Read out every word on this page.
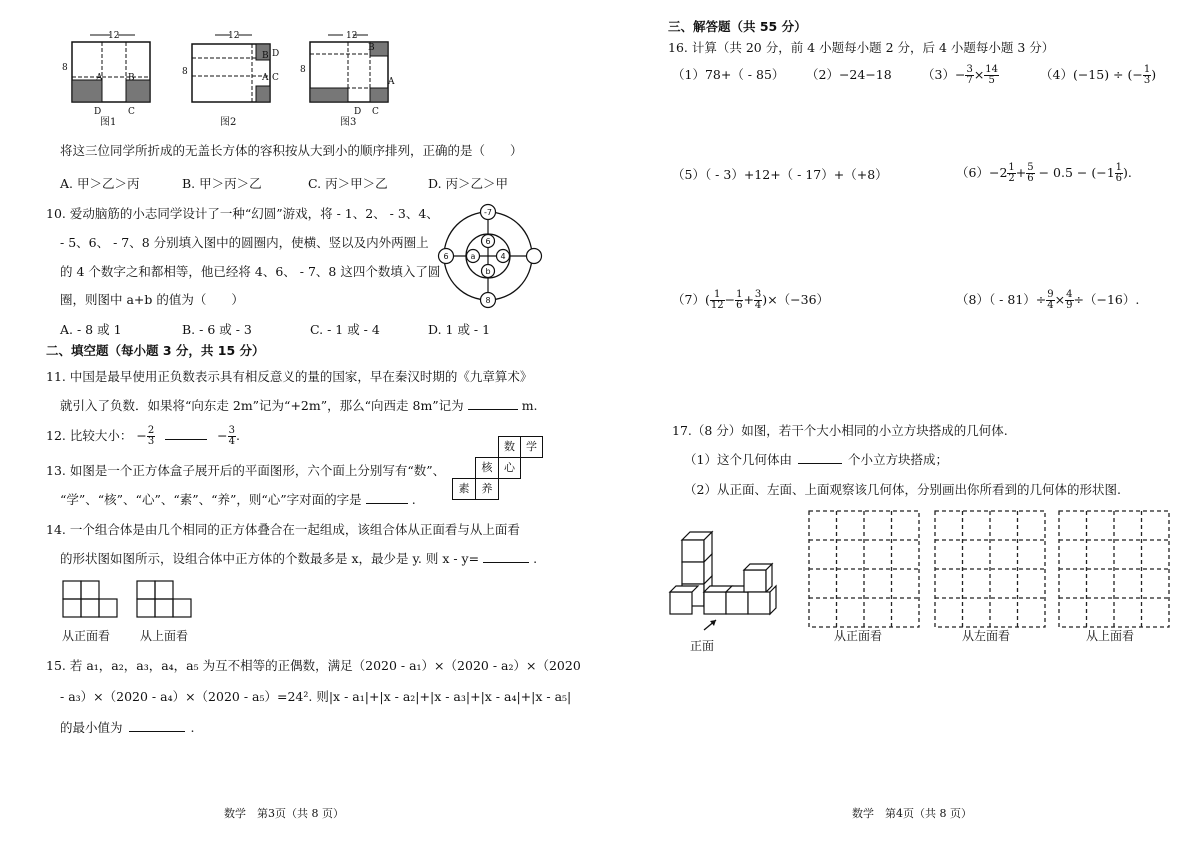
12
8
A	B
D	C
图1
12
8
B D
C
A
图2
12
8
B
A
D C
图3
将这三位同学所折成的无盖长方体的容积按从大到小的顺序排列，正确的是（　　）
A. 甲＞乙＞丙	B. 甲＞丙＞乙	C. 丙＞甲＞乙	D. 丙＞乙＞甲
10. 爱动脑筋的小志同学设计了一种“幻圆”游戏，将 - 1、2、 - 3、4、
- 5、6、 - 7、8 分别填入图中的圆圈内，使横、竖以及内外两圈上
的 4 个数字之和都相等，他已经将 4、6、 - 7、8 这四个数填入了圆
圈，则图中 a+b 的值为（　　）
-7
6
6
a	4
b
8
A. - 8 或 1	B. - 6 或 - 3	C. - 1 或 - 4	D. 1 或 - 1
二、填空题（每小题 3 分，共 15 分）
11. 中国是最早使用正负数表示具有相反意义的量的国家，早在秦汉时期的《九章算术》
就引入了负数．如果将“向东走 2m”记为“+2m”，那么“向西走 8m”记为	m.
12. 比较大小： − $\frac{2}{3}$	− $\frac{3}{4}$ .
13. 如图是一个正方体盒子展开后的平面图形，六个面上分别写有“数”、
“学”、“核”、“心”、“素”、“养”，则“心”字对面的字是	.
数	学
核	心
素	养
14. 一个组合体是由几个相同的正方体叠合在一起组成，该组合体从正面看与从上面看
的形状图如图所示，设组合体中正方体的个数最多是 x，最少是 y. 则 x - y=	.
从正面看 从上面看
15. 若 a₁，a₂，a₃，a₄，a₅ 为互不相等的正偶数，满足（2020 - a₁）×（2020 - a₂）×（2020
- a₃）×（2020 - a₄）×（2020 - a₅）=24². 则|x - a₁|+|x - a₂|+|x - a₃|+|x - a₄|+|x - a₅|
的最小值为	.
数学　第3页（共 8 页）
三、解答题（共 55 分）
16. 计算（共 20 分，前 4 小题每小题 2 分，后 4 小题每小题 3 分）
（1）78+（ - 85） （2）−24−18 $(3)- \frac{3}{7} \times \frac{14}{5}$	（4）(−15) ÷ (− $\frac{1}{3}$ )
（5）（ - 3）+12+（ - 17）+（+8）	$(6)-2 \frac{1}{2} + \frac{5}{6} - 0.5 - (-1 \frac{1}{6}$ ).
$(7)( \frac{1}{12} - \frac{1}{6} + \frac{3}{4} )\times(-36)$	$(8)( - 81)\div \frac{9}{4} \times \frac{4}{9} \div(-16)$.
17.（8 分）如图，若干个大小相同的小立方块搭成的几何体.
（1）这个几何体由	个小立方块搭成；
（2）从正面、左面、上面观察该几何体，分别画出你所看到的几何体的形状图.
正面
从正面看	从左面看	从上面看
数学　第4页（共 8 页）
